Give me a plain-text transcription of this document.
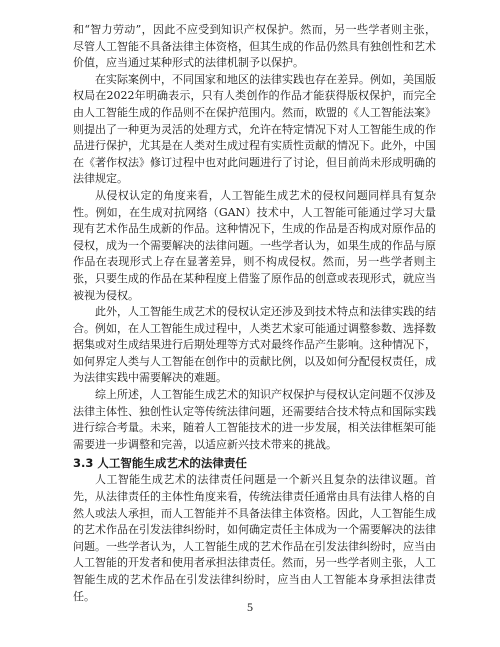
和“智力劳动”，因此不应受到知识产权保护。然而，另一些学者则主张，尽管人工智能不具备法律主体资格，但其生成的作品仍然具有独创性和艺术价值，应当通过某种形式的法律机制予以保护。

在实际案例中，不同国家和地区的法律实践也存在差异。例如，美国版权局在2022年明确表示，只有人类创作的作品才能获得版权保护，而完全由人工智能生成的作品则不在保护范围内。然而，欧盟的《人工智能法案》则提出了一种更为灵活的处理方式，允许在特定情况下对人工智能生成的作品进行保护，尤其是在人类对生成过程有实质性贡献的情况下。此外，中国在《著作权法》修订过程中也对此问题进行了讨论，但目前尚未形成明确的法律规定。

从侵权认定的角度来看，人工智能生成艺术的侵权问题同样具有复杂性。例如，在生成对抗网络（GAN）技术中，人工智能可能通过学习大量现有艺术作品生成新的作品。这种情况下，生成的作品是否构成对原作品的侵权，成为一个需要解决的法律问题。一些学者认为，如果生成的作品与原作品在表现形式上存在显著差异，则不构成侵权。然而，另一些学者则主张，只要生成的作品在某种程度上借鉴了原作品的创意或表现形式，就应当被视为侵权。

此外，人工智能生成艺术的侵权认定还涉及到技术特点和法律实践的结合。例如，在人工智能生成过程中，人类艺术家可能通过调整参数、选择数据集或对生成结果进行后期处理等方式对最终作品产生影响。这种情况下，如何界定人类与人工智能在创作中的贡献比例，以及如何分配侵权责任，成为法律实践中需要解决的难题。

综上所述，人工智能生成艺术的知识产权保护与侵权认定问题不仅涉及法律主体性、独创性认定等传统法律问题，还需要结合技术特点和国际实践进行综合考量。未来，随着人工智能技术的进一步发展，相关法律框架可能需要进一步调整和完善，以适应新兴技术带来的挑战。

3.3 人工智能生成艺术的法律责任

人工智能生成艺术的法律责任问题是一个新兴且复杂的法律议题。首先，从法律责任的主体性角度来看，传统法律责任通常由具有法律人格的自然人或法人承担，而人工智能并不具备法律主体资格。因此，人工智能生成的艺术作品在引发法律纠纷时，如何确定责任主体成为一个需要解决的法律问题。一些学者认为，人工智能生成的艺术作品在引发法律纠纷时，应当由人工智能的开发者和使用者承担法律责任。然而，另一些学者则主张，人工智能生成的艺术作品在引发法律纠纷时，应当由人工智能本身承担法律责任。

5
